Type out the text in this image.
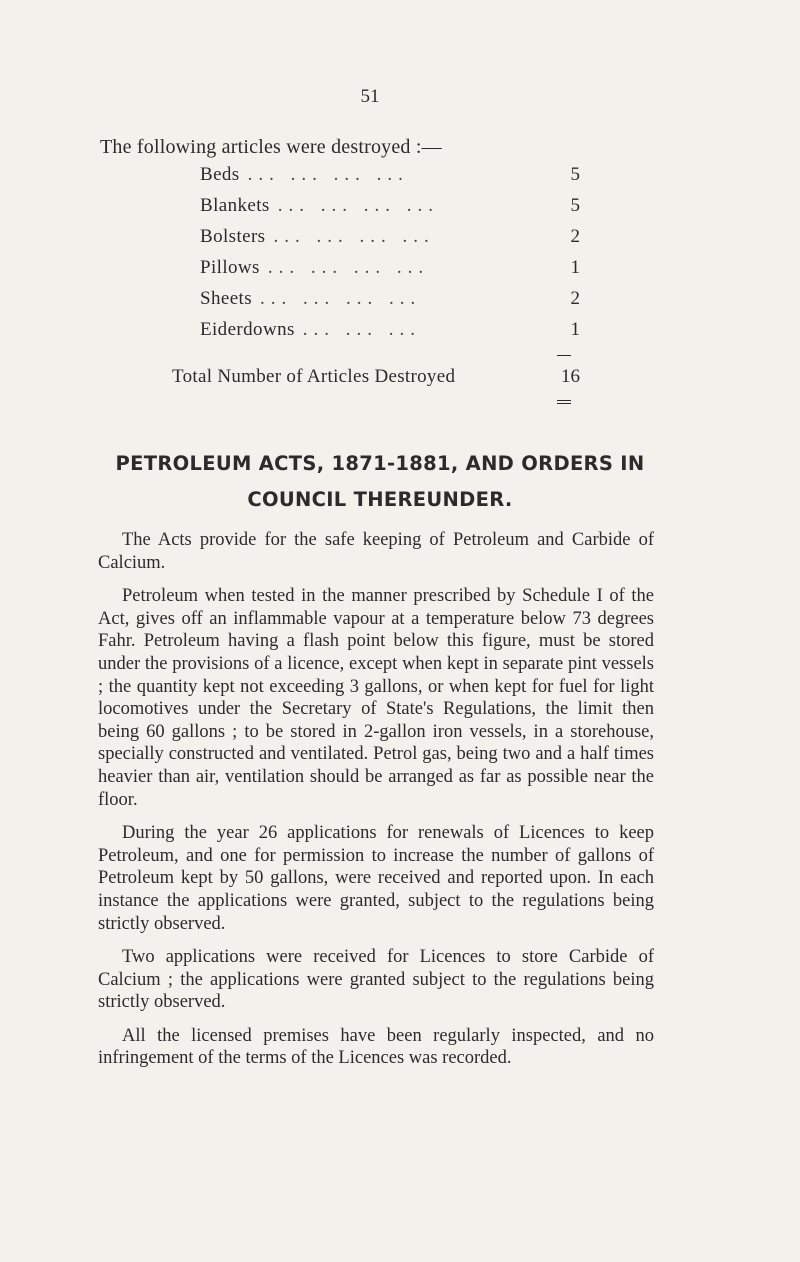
51
The following articles were destroyed :—
Beds ... ... ... ...	5
Blankets ... ... ... ...	5
Bolsters ... ... ... ...	2
Pillows ... ... ... ...	1
Sheets ... ... ... ...	2
Eiderdowns ... ... ...	1
Total Number of Articles Destroyed	16
PETROLEUM ACTS, 1871-1881, AND ORDERS IN
COUNCIL THEREUNDER.

The Acts provide for the safe keeping of Petroleum and Carbide of Calcium.

Petroleum when tested in the manner prescribed by Schedule I of the Act, gives off an inflammable vapour at a temperature below 73 degrees Fahr. Petroleum having a flash point below this figure, must be stored under the provisions of a licence, except when kept in separate pint vessels ; the quantity kept not exceeding 3 gallons, or when kept for fuel for light locomotives under the Secretary of State's Regulations, the limit then being 60 gallons ; to be stored in 2-gallon iron vessels, in a storehouse, specially constructed and ventilated. Petrol gas, being two and a half times heavier than air, ventilation should be arranged as far as possible near the floor.

During the year 26 applications for renewals of Licences to keep Petroleum, and one for permission to increase the number of gallons of Petroleum kept by 50 gallons, were received and reported upon. In each instance the applications were granted, subject to the regulations being strictly observed.

Two applications were received for Licences to store Carbide of Calcium ; the applications were granted subject to the regulations being strictly observed.

All the licensed premises have been regularly inspected, and no infringement of the terms of the Licences was recorded.
